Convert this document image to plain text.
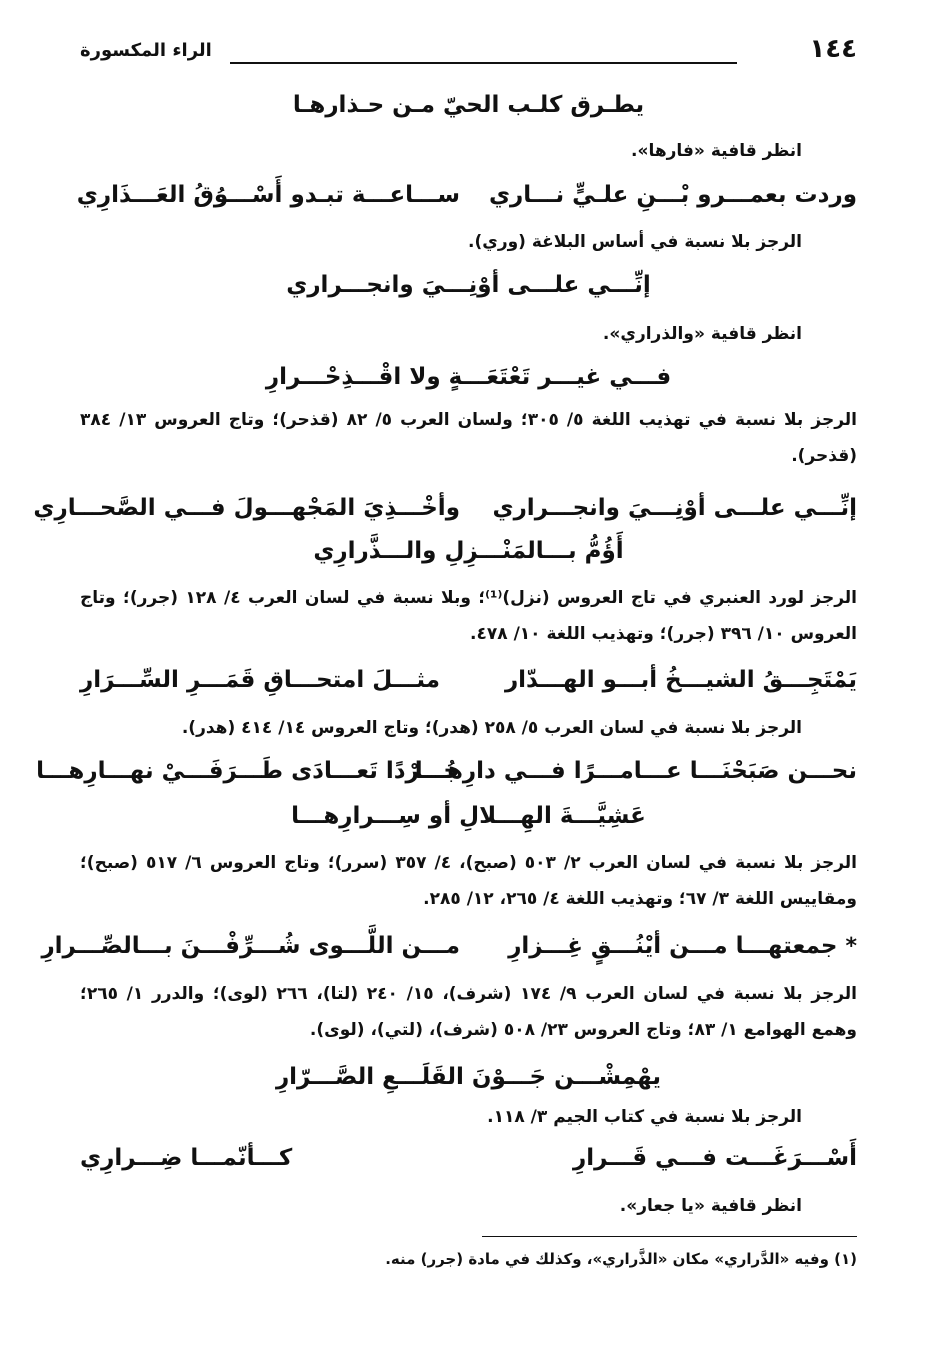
١٤٤
الراء المكسورة
يطـرق كلـب الحيّ مـن حـذارهـا
انظر قافية «فارها».
وردت بعمـــرو بْـــنِ علـيٍّ نـــاري
ســـاعـــة تبـدو أَسْـــوُقُ العَـــذَارِي
الرجز بلا نسبة في أساس البلاغة (وري).
إنِّـــي علـــى أوْنِـــيَ وانجـــراري
انظر قافية «والذراري».
فـــي غيـــر تَعْتَعَـــةٍ ولا اقْـــذِحْـــرارِ
الرجز بلا نسبة في تهذيب اللغة ٥/ ٣٠٥؛ ولسان العرب ٥/ ٨٢ (قذحر)؛ وتاج العروس ١٣/ ٣٨٤ (قذحر).
إنِّـــي علـــى أوْنِـــيَ وانجـــراري
وأخْـــذِيَ المَجْهـــولَ فـــي الصَّحـــارِي
أَؤُمُّ بـــالمَنْـــزِلِ والـــذَّرارِي
الرجز لورد العنبري في تاج العروس (نزل)⁽¹⁾؛ وبلا نسبة في لسان العرب ٤/ ١٢٨ (جرر)؛ وتاج العروس ١٠/ ٣٩٦ (جرر)؛ وتهذيب اللغة ١٠/ ٤٧٨.
يَمْتَجِـــقُ الشيـــخُ أبـــو الهـــدّار
مثـــلَ امتحـــاقِ قَمَـــرِ السِّـــرَارِ
الرجز بلا نسبة في لسان العرب ٥/ ٢٥٨ (هدر)؛ وتاج العروس ١٤/ ٤١٤ (هدر).
نحـــن صَبَحْنَـــا عـــامـــرًا فـــي دارِهـــا
جُـــرْدًا تَعـــادَى طَـــرَفَـــيْ نهـــارِهـــا
عَشِيَّـــةَ الهِـــلالِ أو سِـــرارِهـــا
الرجز بلا نسبة في لسان العرب ٢/ ٥٠٣ (صبح)، ٤/ ٣٥٧ (سرر)؛ وتاج العروس ٦/ ٥١٧ (صبح)؛ ومقاييس اللغة ٣/ ٦٧؛ وتهذيب اللغة ٤/ ٢٦٥، ١٢/ ٢٨٥.
* جمعتهـــا مـــن أيْنُـــقٍ غِـــزارِ
مـــن اللَّـــوى شُـــرِّفْـــنَ بـــالصِّـــرارِ
الرجز بلا نسبة في لسان العرب ٩/ ١٧٤ (شرف)، ١٥/ ٢٤٠ (لتا)، ٢٦٦ (لوى)؛ والدرر ١/ ٢٦٥؛ وهمع الهوامع ١/ ٨٣؛ وتاج العروس ٢٣/ ٥٠٨ (شرف)، (لتي)، (لوى).
يهْمِشْـــن جَـــوْنَ القَلَـــعِ الصَّـــرّارِ
الرجز بلا نسبة في كتاب الجيم ٣/ ١١٨.
أَسْـــرَغَـــت فـــي قَـــرارِ
كـــأنّمـــا ضِـــرارِي
انظر قافية «يا جعار».
(١) وفيه «الدَّراري» مكان «الذَّراري»، وكذلك في مادة (جرر) منه.
